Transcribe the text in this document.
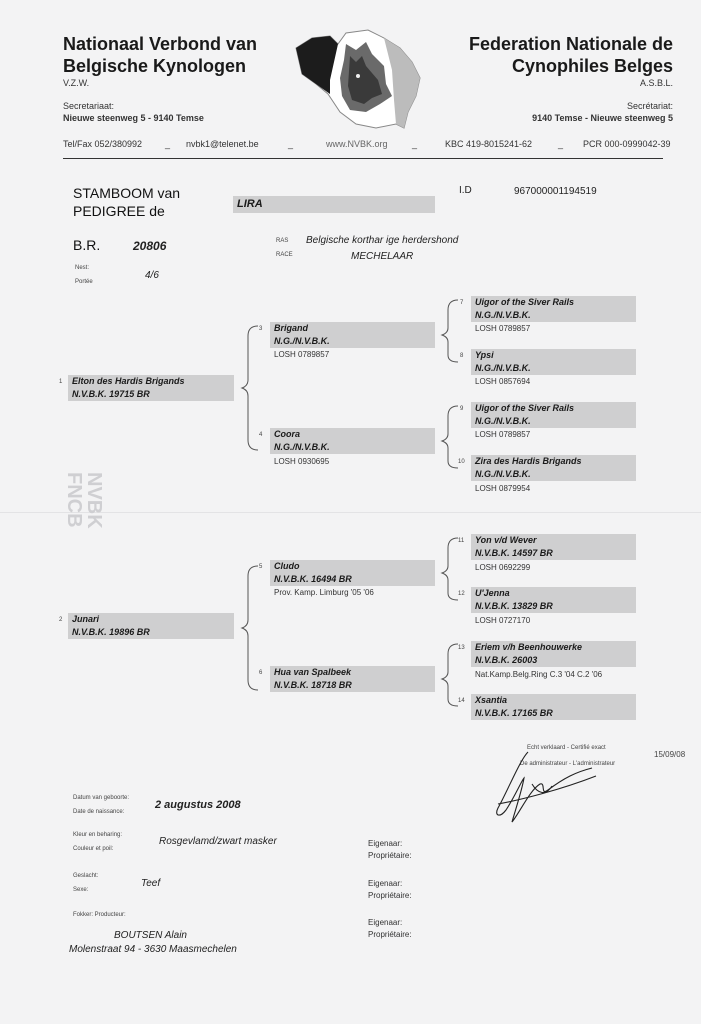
Nationaal Verbond van
Belgische Kynologen
V.Z.W.
Secretariaat:
Nieuwe steenweg 5 - 9140 Temse
Federation Nationale de
Cynophiles Belges
A.S.B.L.
Secrétariat:
9140 Temse - Nieuwe steenweg 5
Tel/Fax 052/380992	_ nvbk1@telenet.be	_	www.NVBK.org	_	KBC 419-8015241-62	_ PCR 000-0999042-39
STAMBOOM van
PEDIGREE de	LIRA
I.D	967000001194519
B.R.	20806	RAS
RACE
Belgische korthar ige herdershond
MECHELAAR
Nest:
Portée
4/6
1 Elton des Hardis Brigands
N.V.B.K. 19715 BR
2 Junari
N.V.B.K. 19896 BR
3 Brigand
N.G./N.V.B.K.
LOSH 0789857
4 Coora
N.G./N.V.B.K.
LOSH 0930695
5 Cludo
N.V.B.K. 16494 BR
Prov. Kamp. Limburg '05 '06
6 Hua van Spalbeek
N.V.B.K. 18718 BR
7 Uigor of the Siver Rails
N.G./N.V.B.K.
LOSH 0789857
8 Ypsi
N.G./N.V.B.K.
LOSH 0857694
9 Uigor of the Siver Rails
N.G./N.V.B.K.
LOSH 0789857
10 Zira des Hardis Brigands
N.G./N.V.B.K.
LOSH 0879954
11 Yon v/d Wever
N.V.B.K. 14597 BR
LOSH 0692299
12 U'Jenna
N.V.B.K. 13829 BR
LOSH 0727170
13 Eriem v/h Beenhouwerke
N.V.B.K. 26003
Nat.Kamp.Belg.Ring C.3 '04 C.2 '06
14 Xsantia
N.V.B.K. 17165 BR
NVBK
FNCB
Echt verklaard - Certifié exact
De administrateur - L'administrateur
15/09/08
Datum van geboorte:
Date de naissance:
2 augustus 2008
Kleur en beharing:
Couleur et poil:
Rosgevlamd/zwart masker
Geslacht:
Sexe:
Teef
Fokker: Producteur:
BOUTSEN Alain
Molenstraat 94 - 3630 Maasmechelen
Eigenaar:
Propriétaire:
Eigenaar:
Propriétaire:
Eigenaar:
Propriétaire:
